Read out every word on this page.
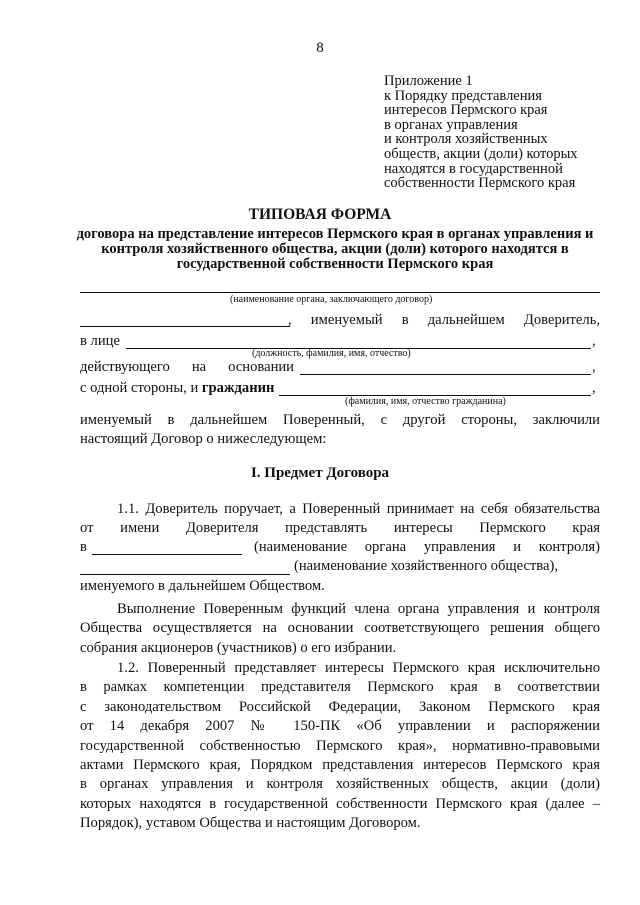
8
Приложение 1
к Порядку представления
интересов Пермского края
в органах управления
и контроля хозяйственных
обществ, акции (доли) которых
находятся в государственной
собственности Пермского края
ТИПОВАЯ ФОРМА
договора на представление интересов Пермского края в органах управления и контроля хозяйственного общества, акции (доли) которого находятся в государственной собственности Пермского края
(наименование органа, заключающего договор)
, именуемый в дальнейшем Доверитель,
в лице	,
(должность, фамилия, имя, отчество)
действующего на основании	,
с одной стороны, и гражданин	,
(фамилия, имя, отчество гражданина)
именуемый в дальнейшем Поверенный, с другой стороны, заключили
настоящий Договор о нижеследующем:
I. Предмет Договора
1.1. Доверитель поручает, а Поверенный принимает на себя обязательства
от имени Доверителя представлять интересы Пермского края
в	(наименование органа управления и контроля)
(наименование хозяйственного общества),
именуемого в дальнейшем Обществом.
Выполнение Поверенным функций члена органа управления и контроля
Общества осуществляется на основании соответствующего решения общего
собрания акционеров (участников) о его избрании.
1.2. Поверенный представляет интересы Пермского края исключительно
в рамках компетенции представителя Пермского края в соответствии
с законодательством Российской Федерации, Законом Пермского края
от 14 декабря 2007 № 150-ПК «Об управлении и распоряжении
государственной собственностью Пермского края», нормативно-правовыми
актами Пермского края, Порядком представления интересов Пермского края
в органах управления и контроля хозяйственных обществ, акции (доли)
которых находятся в государственной собственности Пермского края (далее –
Порядок), уставом Общества и настоящим Договором.
